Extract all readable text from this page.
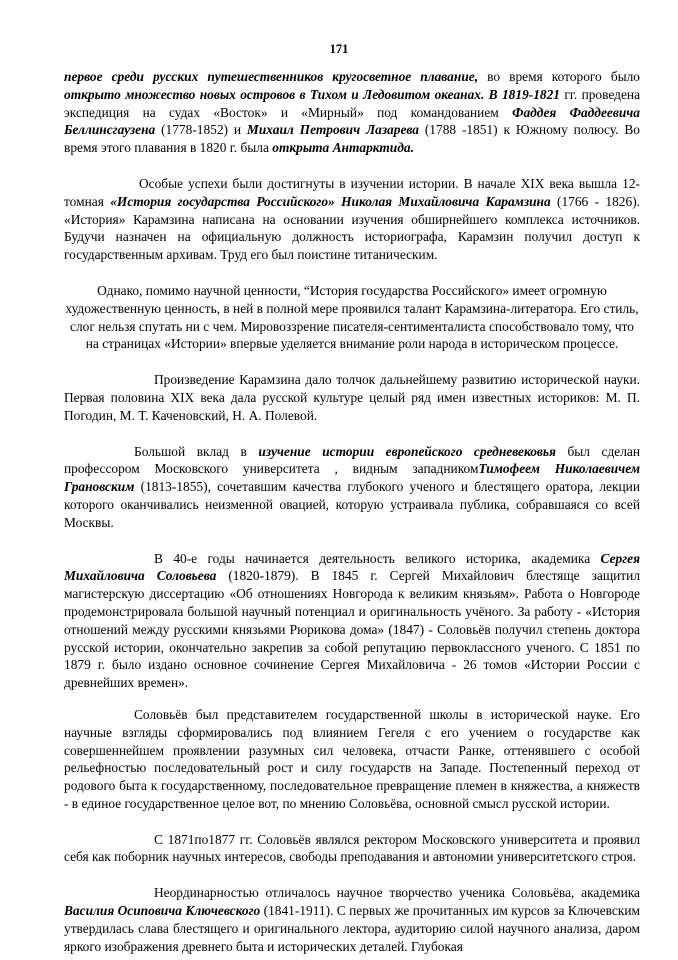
171

первое среди русских путешественников кругосветное плавание, во время которого было открыто множество новых островов в Тихом и Ледовитом океанах. В 1819-1821 гг. проведена экспедиция на судах «Восток» и «Мирный» под командованием Фаддея Фаддеевича Беллинсгаузена (1778-1852) и Михаил Петрович Лазарева (1788 -1851) к Южному полюсу. Во время этого плавания в 1820 г. была открыта Антарктида.

Особые успехи были достигнуты в изучении истории. В начале XIX века вышла 12-томная «История государства Российского» Николая Михайловича Карамзина (1766 - 1826). «История» Карамзина написана на основании изучения обширнейшего комплекса источников. Будучи назначен на официальную должность историографа, Карамзин получил доступ к государственным архивам. Труд его был поистине титаническим.

Однако, помимо научной ценности, “История государства Российского» имеет огромную художественную ценность, в ней в полной мере проявился талант Карамзина-литератора. Его стиль, слог нельзя спутать ни с чем. Мировоззрение писателя-сентименталиста способствовало тому, что на страницах «Истории» впервые уделяется внимание роли народа в историческом процессе.

Произведение Карамзина дало толчок дальнейшему развитию исторической науки. Первая половина XIX века дала русской культуре целый ряд имен известных историков: М. П. Погодин, М. Т. Каченовский, Н. А. Полевой.

Большой вклад в изучение истории европейского средневековья был сделан профессором Московского университета , видным западникомТимофеем Николаевичем Грановским (1813-1855), сочетавшим качества глубокого ученого и блестящего оратора, лекции которого оканчивались неизменной овацией, которую устраивала публика, собравшаяся со всей Москвы.

В 40-е годы начинается деятельность великого историка, академика Сергея Михайловича Соловьева (1820-1879). В 1845 г. Сергей Михайлович блестяще защитил магистерскую диссертацию «Об отношениях Новгорода к великим князьям». Работа о Новгороде продемонстрировала большой научный потенциал и оригинальность учёного. За работу - «История отношений между русскими князьями Рюрикова дома» (1847) - Соловьёв получил степень доктора русской истории, окончательно закрепив за собой репутацию первоклассного ученого. С 1851 по 1879 г. было издано основное сочинение Сергея Михайловича - 26 томов «Истории России с древнейших времен».

Соловьёв был представителем государственной школы в исторической науке. Его научные взгляды сформировались под влиянием Гегеля с его учением о государстве как совершеннейшем проявлении разумных сил человека, отчасти Ранке, оттенявшего с особой рельефностью последовательный рост и силу государств на Западе. Постепенный переход от родового быта к государственному, последовательное превращение племен в княжества, а княжеств - в единое государственное целое вот, по мнению Соловьёва, основной смысл русской истории.

С 1871по1877 гг. Соловьёв являлся ректором Московского университета и проявил себя как поборник научных интересов, свободы преподавания и автономии университетского строя.

Неординарностью отличалось научное творчество ученика Соловьёва, академика Василия Осиповича Ключевского (1841-1911). С первых же прочитанных им курсов за Ключевским утвердилась слава блестящего и оригинального лектора, аудиторию силой научного анализа, даром яркого изображения древнего быта и исторических деталей. Глубокая
